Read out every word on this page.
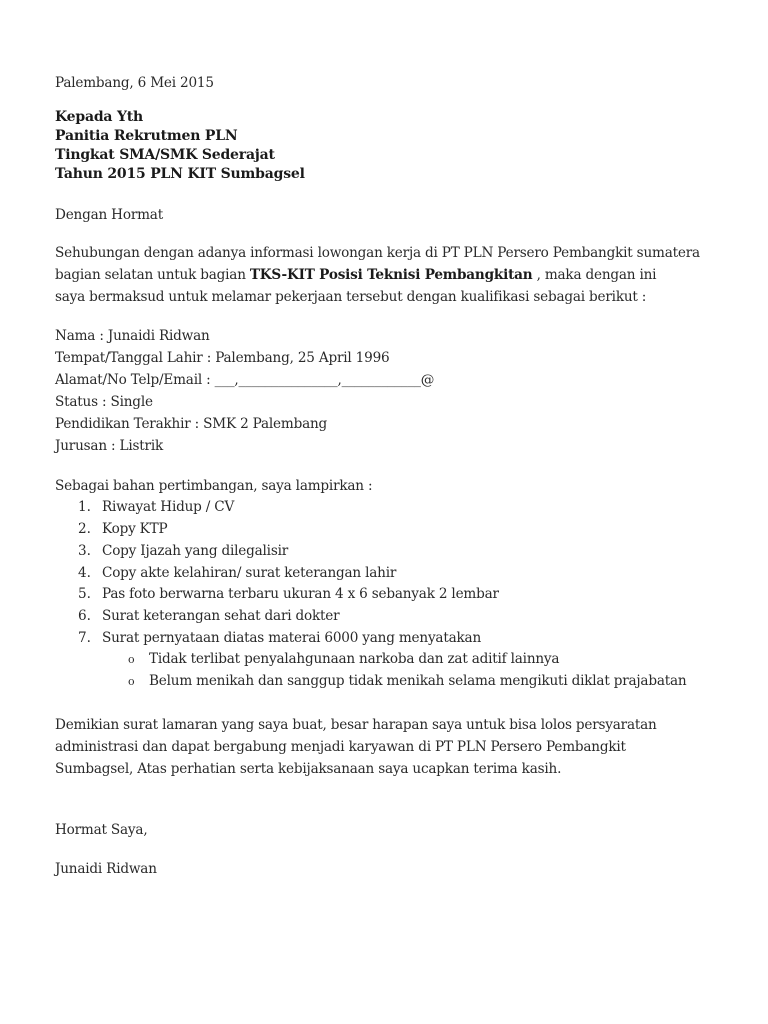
Palembang, 6 Mei 2015
Kepada Yth
Panitia Rekrutmen PLN
Tingkat SMA/SMK Sederajat
Tahun 2015 PLN KIT Sumbagsel
Dengan Hormat
Sehubungan dengan adanya informasi lowongan kerja di PT PLN Persero Pembangkit sumatera
bagian selatan untuk bagian TKS-KIT Posisi Teknisi Pembangkitan , maka dengan ini
saya bermaksud untuk melamar pekerjaan tersebut dengan kualifikasi sebagai berikut :
Nama : Junaidi Ridwan
Tempat/Tanggal Lahir : Palembang, 25 April 1996
Alamat/No Telp/Email : ___,_______________,____________@
Status : Single
Pendidikan Terakhir : SMK 2 Palembang
Jurusan : Listrik
Sebagai bahan pertimbangan, saya lampirkan :
1. Riwayat Hidup / CV
2. Kopy KTP
3. Copy Ijazah yang dilegalisir
4. Copy akte kelahiran/ surat keterangan lahir
5. Pas foto berwarna terbaru ukuran 4 x 6 sebanyak 2 lembar
6. Surat keterangan sehat dari dokter
7. Surat pernyataan diatas materai 6000 yang menyatakan
o Tidak terlibat penyalahgunaan narkoba dan zat aditif lainnya
o Belum menikah dan sanggup tidak menikah selama mengikuti diklat prajabatan
Demikian surat lamaran yang saya buat, besar harapan saya untuk bisa lolos persyaratan
administrasi dan dapat bergabung menjadi karyawan di PT PLN Persero Pembangkit
Sumbagsel, Atas perhatian serta kebijaksanaan saya ucapkan terima kasih.
Hormat Saya,
Junaidi Ridwan
